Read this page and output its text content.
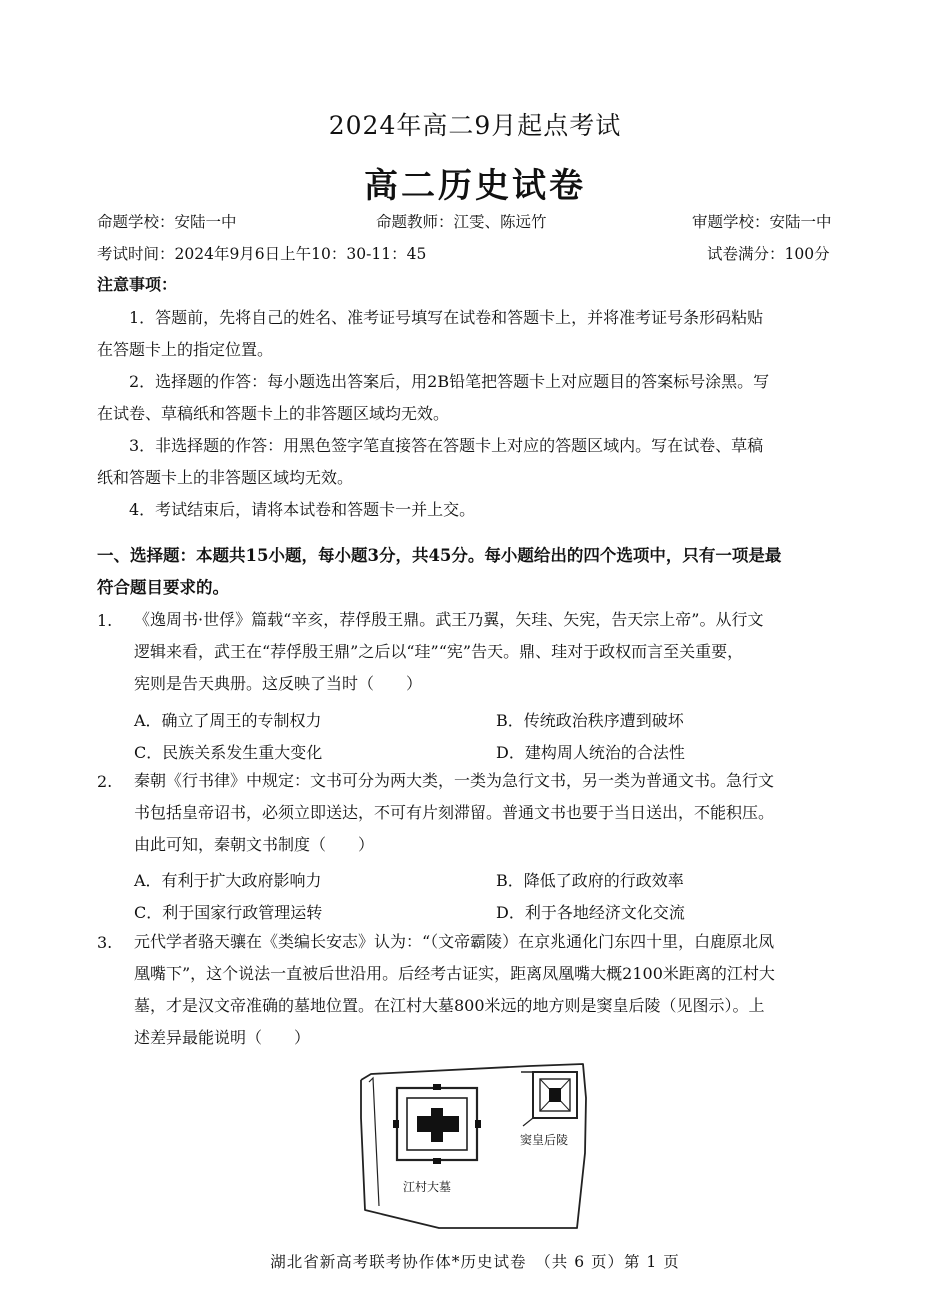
2024年高二9月起点考试
高二历史试卷
命题学校：安陆一中	命题教师：江雯、陈远竹	审题学校：安陆一中
考试时间：2024年9月6日上午10：30-11：45	试卷满分：100分
注意事项：
1．答题前，先将自己的姓名、准考证号填写在试卷和答题卡上，并将准考证号条形码粘贴
在答题卡上的指定位置。
2．选择题的作答：每小题选出答案后，用2B铅笔把答题卡上对应题目的答案标号涂黑。写
在试卷、草稿纸和答题卡上的非答题区域均无效。
3．非选择题的作答：用黑色签字笔直接答在答题卡上对应的答题区域内。写在试卷、草稿
纸和答题卡上的非答题区域均无效。
4．考试结束后，请将本试卷和答题卡一并上交。
一、选择题：本题共15小题，每小题3分，共45分。每小题给出的四个选项中，只有一项是最
符合题目要求的。
1. 《逸周书·世俘》篇载“辛亥，荐俘殷王鼎。武王乃翼，矢珪、矢宪，告天宗上帝”。从行文
逻辑来看，武王在“荐俘殷王鼎”之后以“珪”“宪”告天。鼎、珪对于政权而言至关重要，
宪则是告天典册。这反映了当时（　　）
A．确立了周王的专制权力	B．传统政治秩序遭到破坏
C．民族关系发生重大变化	D．建构周人统治的合法性
2. 秦朝《行书律》中规定：文书可分为两大类，一类为急行文书，另一类为普通文书。急行文
书包括皇帝诏书，必须立即送达，不可有片刻滞留。普通文书也要于当日送出，不能积压。
由此可知，秦朝文书制度（　　）
A．有利于扩大政府影响力	B．降低了政府的行政效率
C．利于国家行政管理运转	D．利于各地经济文化交流
3. 元代学者骆天骧在《类编长安志》认为：“（文帝霸陵）在京兆通化门东四十里，白鹿原北凤
凰嘴下”，这个说法一直被后世沿用。后经考古证实，距离凤凰嘴大概2100米距离的江村大
墓，才是汉文帝准确的墓地位置。在江村大墓800米远的地方则是窦皇后陵（见图示）。上
述差异最能说明（　　）
江村大墓
窦皇后陵
湖北省新高考联考协作体*历史试卷　（共 6 页）第 1 页
